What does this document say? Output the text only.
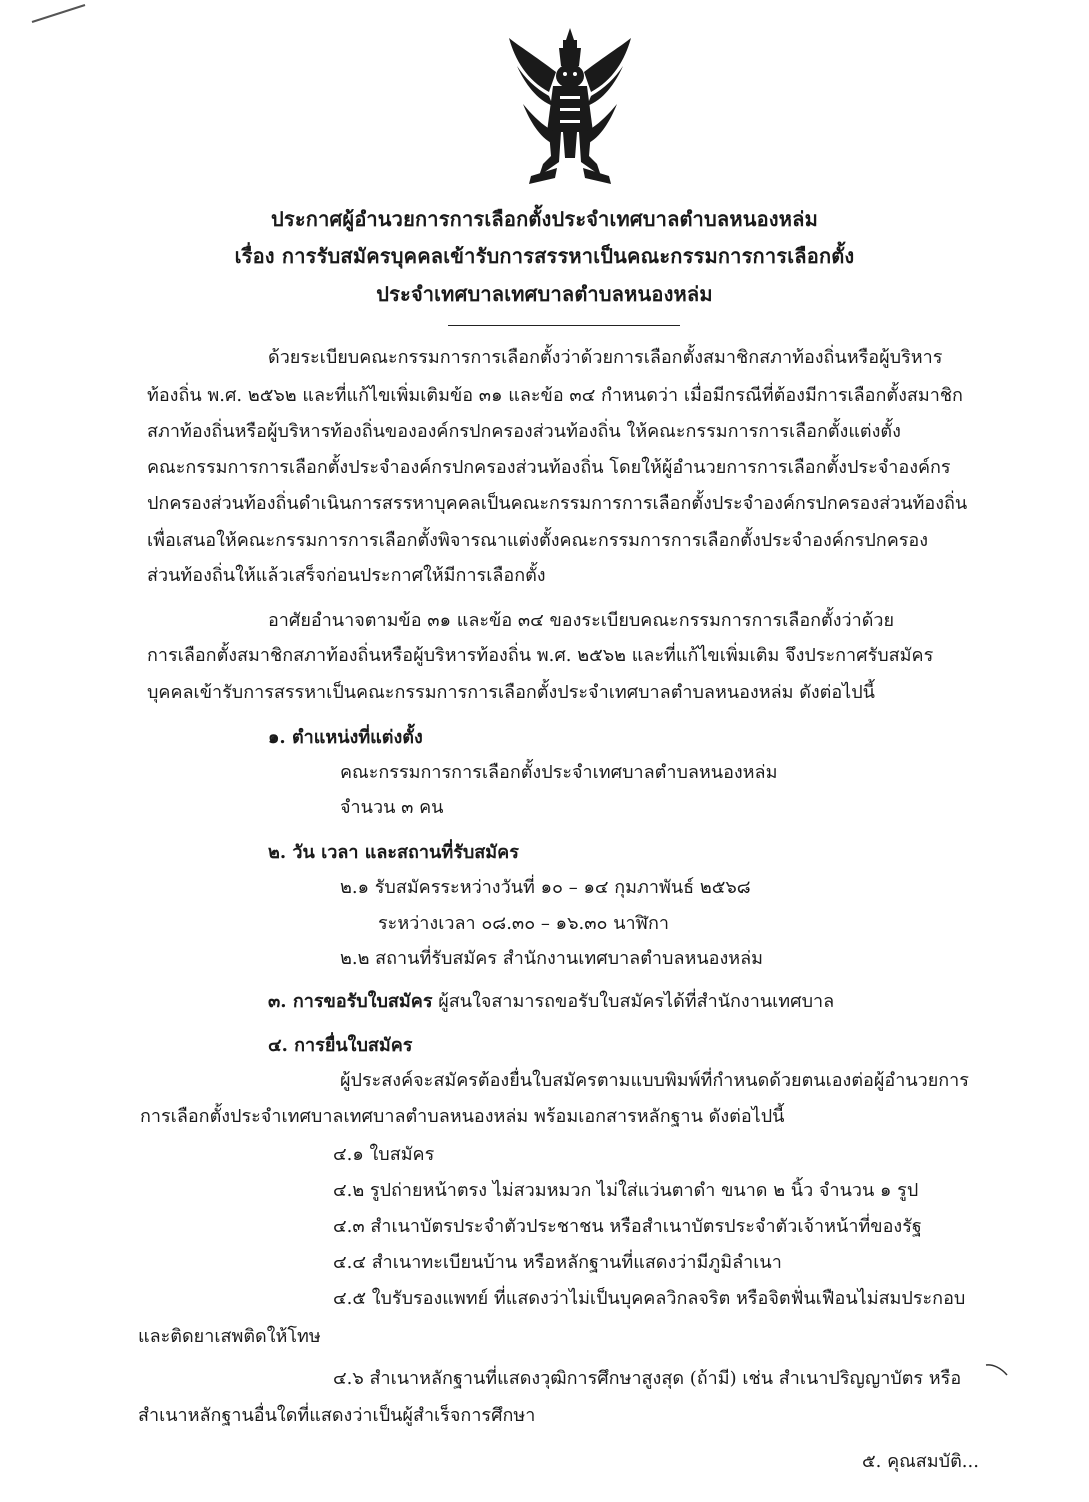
ประกาศผู้อำนวยการการเลือกตั้งประจำเทศบาลตำบลหนองหล่ม
เรื่อง การรับสมัครบุคคลเข้ารับการสรรหาเป็นคณะกรรมการการเลือกตั้ง
ประจำเทศบาลเทศบาลตำบลหนองหล่ม
ด้วยระเบียบคณะกรรมการการเลือกตั้งว่าด้วยการเลือกตั้งสมาชิกสภาท้องถิ่นหรือผู้บริหาร
ท้องถิ่น พ.ศ. ๒๕๖๒ และที่แก้ไขเพิ่มเติมข้อ ๓๑ และข้อ ๓๔ กำหนดว่า เมื่อมีกรณีที่ต้องมีการเลือกตั้งสมาชิก
สภาท้องถิ่นหรือผู้บริหารท้องถิ่นขององค์กรปกครองส่วนท้องถิ่น ให้คณะกรรมการการเลือกตั้งแต่งตั้ง
คณะกรรมการการเลือกตั้งประจำองค์กรปกครองส่วนท้องถิ่น โดยให้ผู้อำนวยการการเลือกตั้งประจำองค์กร
ปกครองส่วนท้องถิ่นดำเนินการสรรหาบุคคลเป็นคณะกรรมการการเลือกตั้งประจำองค์กรปกครองส่วนท้องถิ่น
เพื่อเสนอให้คณะกรรมการการเลือกตั้งพิจารณาแต่งตั้งคณะกรรมการการเลือกตั้งประจำองค์กรปกครอง
ส่วนท้องถิ่นให้แล้วเสร็จก่อนประกาศให้มีการเลือกตั้ง
อาศัยอำนาจตามข้อ ๓๑ และข้อ ๓๔ ของระเบียบคณะกรรมการการเลือกตั้งว่าด้วย
การเลือกตั้งสมาชิกสภาท้องถิ่นหรือผู้บริหารท้องถิ่น พ.ศ. ๒๕๖๒ และที่แก้ไขเพิ่มเติม จึงประกาศรับสมัคร
บุคคลเข้ารับการสรรหาเป็นคณะกรรมการการเลือกตั้งประจำเทศบาลตำบลหนองหล่ม ดังต่อไปนี้
๑. ตำแหน่งที่แต่งตั้ง
คณะกรรมการการเลือกตั้งประจำเทศบาลตำบลหนองหล่ม
จำนวน ๓ คน
๒. วัน เวลา และสถานที่รับสมัคร
๒.๑ รับสมัครระหว่างวันที่ ๑๐ – ๑๔ กุมภาพันธ์ ๒๕๖๘
ระหว่างเวลา ๐๘.๓๐ – ๑๖.๓๐ นาฬิกา
๒.๒ สถานที่รับสมัคร สำนักงานเทศบาลตำบลหนองหล่ม
๓. การขอรับใบสมัคร ผู้สนใจสามารถขอรับใบสมัครได้ที่สำนักงานเทศบาล
๔. การยื่นใบสมัคร
ผู้ประสงค์จะสมัครต้องยื่นใบสมัครตามแบบพิมพ์ที่กำหนดด้วยตนเองต่อผู้อำนวยการ
การเลือกตั้งประจำเทศบาลเทศบาลตำบลหนองหล่ม พร้อมเอกสารหลักฐาน ดังต่อไปนี้
๔.๑ ใบสมัคร
๔.๒ รูปถ่ายหน้าตรง ไม่สวมหมวก ไม่ใส่แว่นตาดำ ขนาด ๒ นิ้ว จำนวน ๑ รูป
๔.๓ สำเนาบัตรประจำตัวประชาชน หรือสำเนาบัตรประจำตัวเจ้าหน้าที่ของรัฐ
๔.๔ สำเนาทะเบียนบ้าน หรือหลักฐานที่แสดงว่ามีภูมิลำเนา
๔.๕ ใบรับรองแพทย์ ที่แสดงว่าไม่เป็นบุคคลวิกลจริต หรือจิตฟั่นเฟือนไม่สมประกอบ
และติดยาเสพติดให้โทษ
๔.๖ สำเนาหลักฐานที่แสดงวุฒิการศึกษาสูงสุด (ถ้ามี) เช่น สำเนาปริญญาบัตร หรือ
สำเนาหลักฐานอื่นใดที่แสดงว่าเป็นผู้สำเร็จการศึกษา
๕. คุณสมบัติ...
